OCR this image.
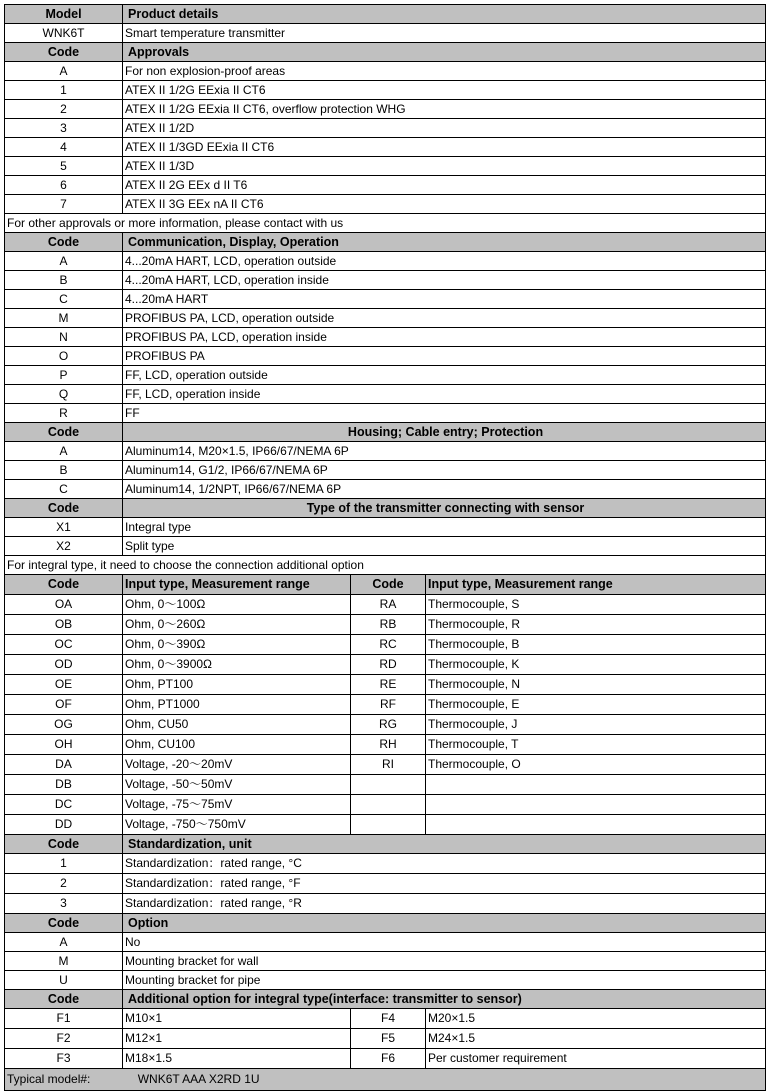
Model	Product details		
WNK6T	Smart temperature transmitter		
Code	Approvals		
A	For non explosion-proof areas		
1	ATEX II 1/2G EExia II CT6		
2	ATEX II 1/2G EExia II CT6, overflow protection WHG		
3	ATEX II 1/2D		
4	ATEX II 1/3GD EExia II CT6		
5	ATEX II 1/3D		
6	ATEX II 2G EEx d II T6		
7	ATEX II 3G EEx nA II CT6		
For other approvals or more information, please contact with us			
Code	Communication, Display, Operation		
A	4...20mA HART, LCD, operation outside		
B	4...20mA HART, LCD, operation inside		
C	4...20mA HART		
M	PROFIBUS PA, LCD, operation outside		
N	PROFIBUS PA, LCD, operation inside		
O	PROFIBUS PA		
P	FF, LCD, operation outside		
Q	FF, LCD, operation inside		
R	FF		
Code	Housing; Cable entry; Protection		
A	Aluminum14, M20×1.5, IP66/67/NEMA 6P		
B	Aluminum14, G1/2, IP66/67/NEMA 6P		
C	Aluminum14, 1/2NPT, IP66/67/NEMA 6P		
Code	Type of the transmitter connecting with sensor		
X1	Integral type		
X2	Split type		
For integral type, it need to choose the connection additional option			
Code	Input type, Measurement range	Code	Input type, Measurement range
OA	Ohm, 0～100Ω	RA	Thermocouple, S
OB	Ohm, 0～260Ω	RB	Thermocouple, R
OC	Ohm, 0～390Ω	RC	Thermocouple, B
OD	Ohm, 0～3900Ω	RD	Thermocouple, K
OE	Ohm, PT100	RE	Thermocouple, N
OF	Ohm, PT1000	RF	Thermocouple, E
OG	Ohm, CU50	RG	Thermocouple, J
OH	Ohm, CU100	RH	Thermocouple, T
DA	Voltage, -20～20mV	RI	Thermocouple, O
DB	Voltage, -50～50mV		
DC	Voltage, -75～75mV		
DD	Voltage, -750～750mV		
Code	Standardization, unit		
1	Standardization：rated range, °C		
2	Standardization：rated range, °F		
3	Standardization：rated range, °R		
Code	Option		
A	No		
M	Mounting bracket for wall		
U	Mounting bracket for pipe		
Code	Additional option for integral type(interface: transmitter to sensor)		
F1	M10×1	F4	M20×1.5
F2	M12×1	F5	M24×1.5
F3	M18×1.5	F6	Per customer requirement
Typical model#: WNK6T AAA X2RD 1U			
